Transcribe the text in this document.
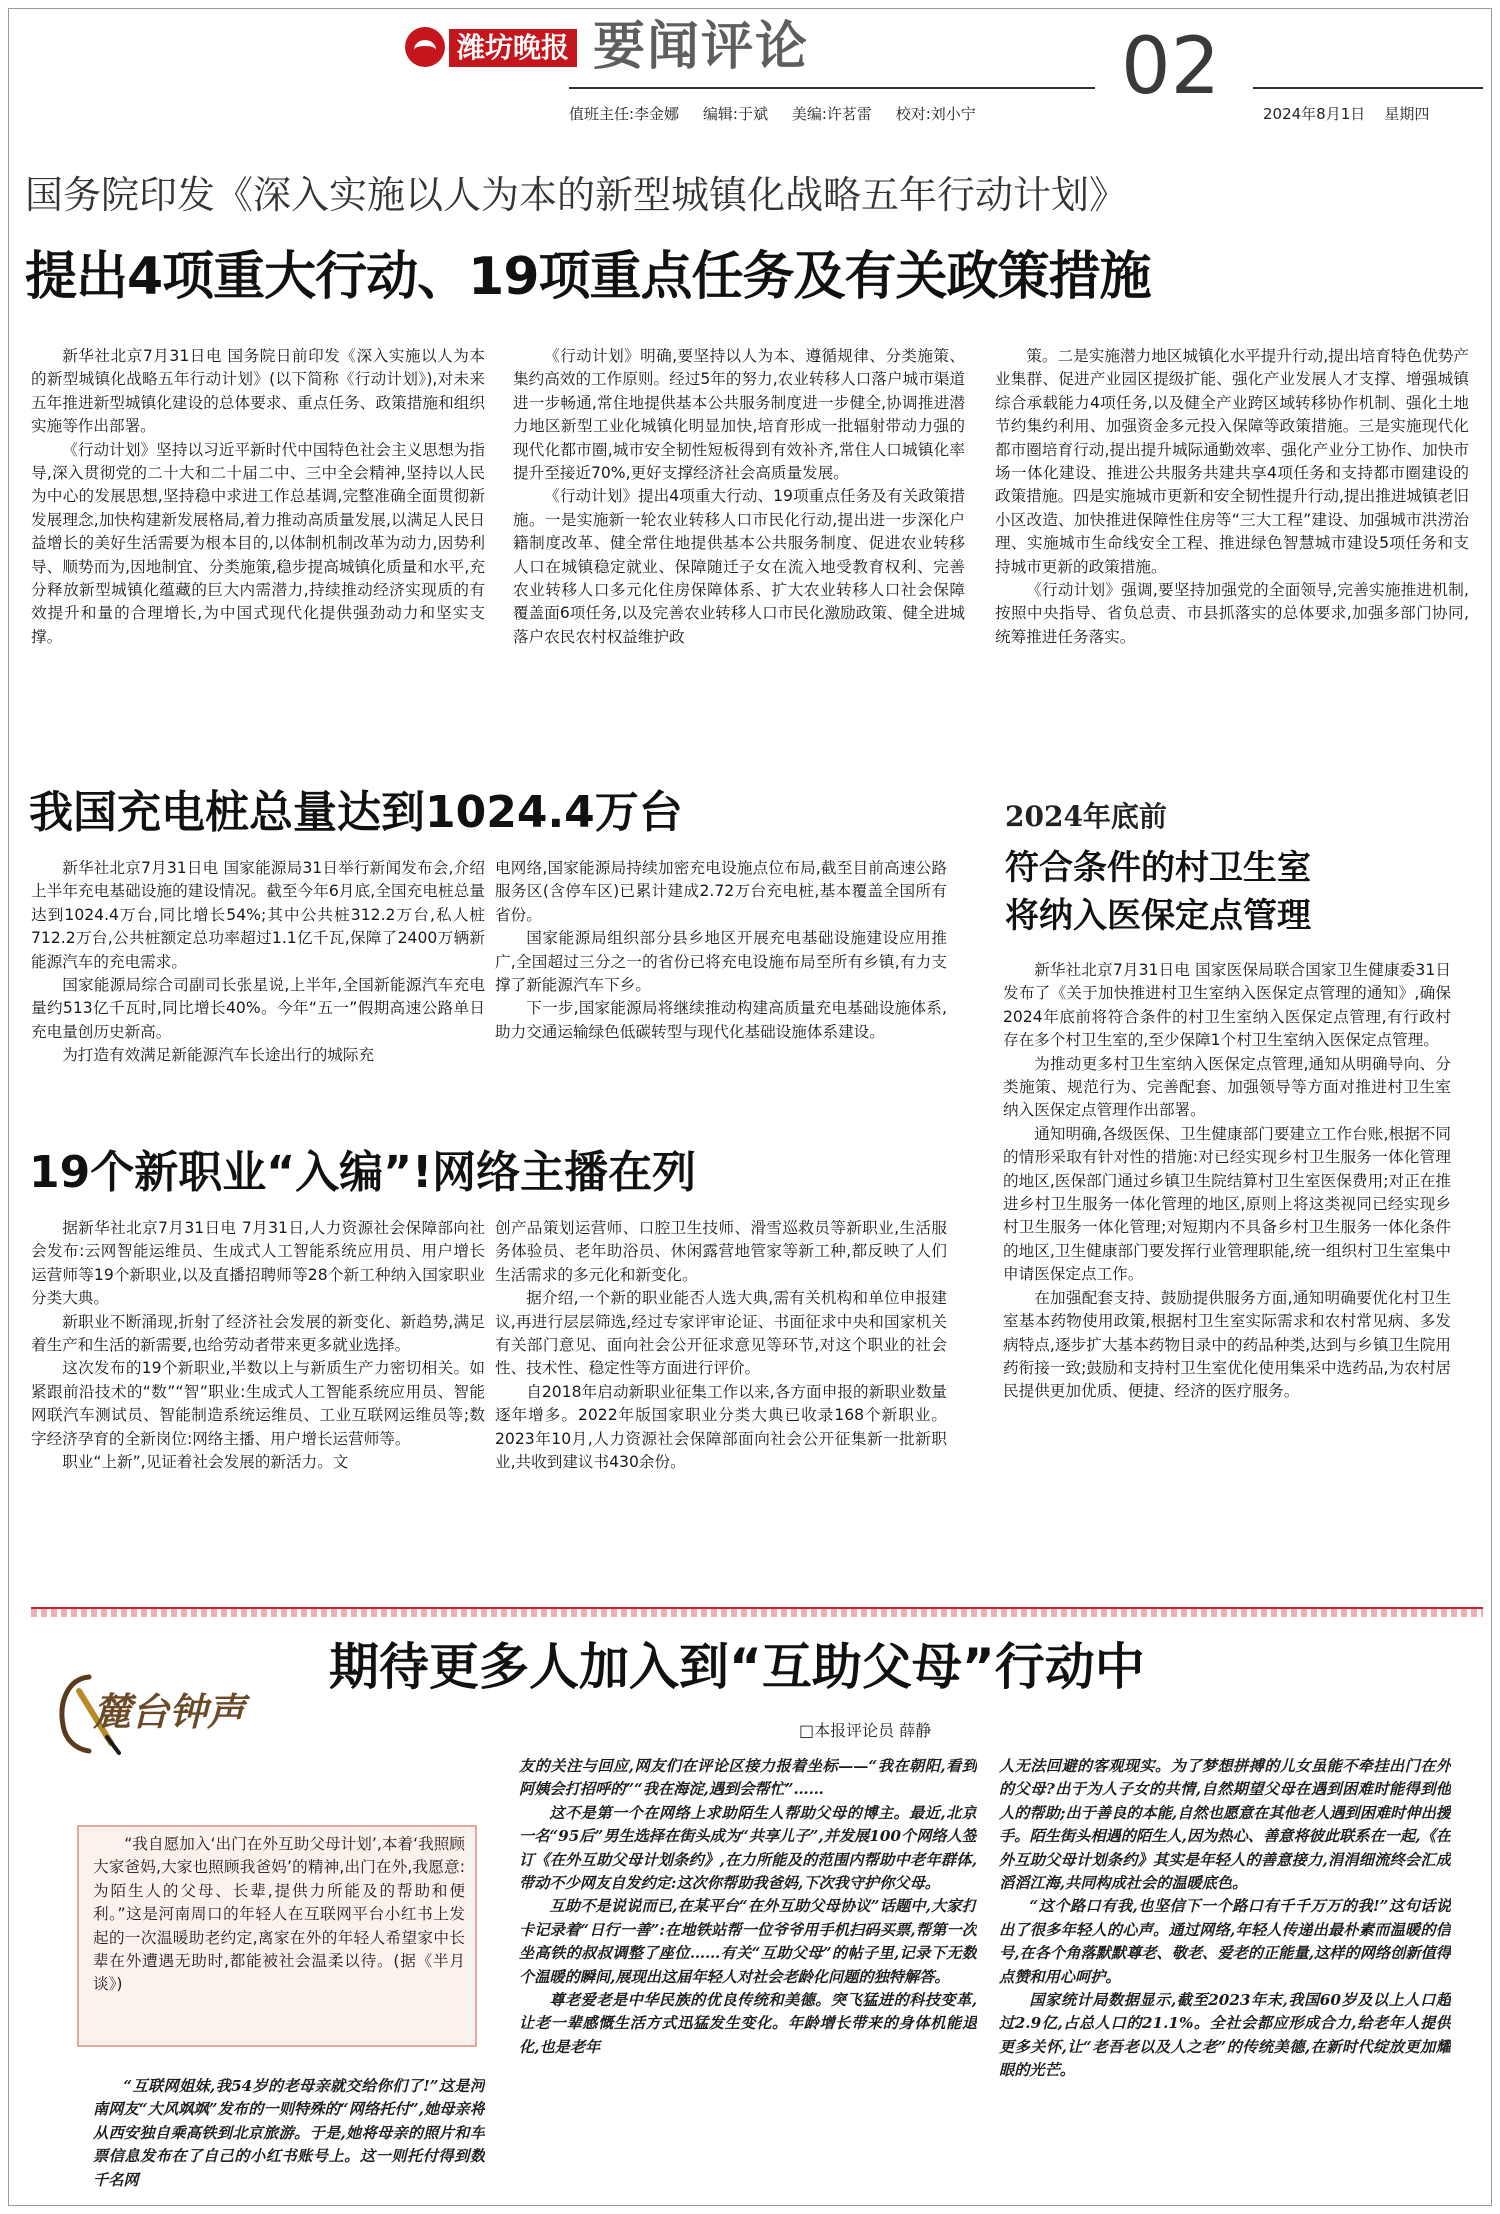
潍坊晚报 要闻评论	02
值班主任:李金娜 编辑:于斌 美编:许茗雷 校对:刘小宁	2024年8月1日 星期四
国务院印发《深入实施以人为本的新型城镇化战略五年行动计划》
提出4项重大行动、19项重点任务及有关政策措施

新华社北京7月31日电 国务院日前印发《深入实施以人为本的新型城镇化战略五年行动计划》(以下简称《行动计划》),对未来五年推进新型城镇化建设的总体要求、重点任务、政策措施和组织实施等作出部署。

《行动计划》坚持以习近平新时代中国特色社会主义思想为指导,深入贯彻党的二十大和二十届二中、三中全会精神,坚持以人民为中心的发展思想,坚持稳中求进工作总基调,完整准确全面贯彻新发展理念,加快构建新发展格局,着力推动高质量发展,以满足人民日益增长的美好生活需要为根本目的,以体制机制改革为动力,因势利导、顺势而为,因地制宜、分类施策,稳步提高城镇化质量和水平,充分释放新型城镇化蕴藏的巨大内需潜力,持续推动经济实现质的有效提升和量的合理增长,为中国式现代化提供强劲动力和坚实支撑。

《行动计划》明确,要坚持以人为本、遵循规律、分类施策、集约高效的工作原则。经过5年的努力,农业转移人口落户城市渠道进一步畅通,常住地提供基本公共服务制度进一步健全,协调推进潜力地区新型工业化城镇化明显加快,培育形成一批辐射带动力强的现代化都市圈,城市安全韧性短板得到有效补齐,常住人口城镇化率提升至接近70%,更好支撑经济社会高质量发展。

《行动计划》提出4项重大行动、19项重点任务及有关政策措施。一是实施新一轮农业转移人口市民化行动,提出进一步深化户籍制度改革、健全常住地提供基本公共服务制度、促进农业转移人口在城镇稳定就业、保障随迁子女在流入地受教育权利、完善农业转移人口多元化住房保障体系、扩大农业转移人口社会保障覆盖面6项任务,以及完善农业转移人口市民化激励政策、健全进城落户农民农村权益维护政

策。二是实施潜力地区城镇化水平提升行动,提出培育特色优势产业集群、促进产业园区提级扩能、强化产业发展人才支撑、增强城镇综合承载能力4项任务,以及健全产业跨区域转移协作机制、强化土地节约集约利用、加强资金多元投入保障等政策措施。三是实施现代化都市圈培育行动,提出提升城际通勤效率、强化产业分工协作、加快市场一体化建设、推进公共服务共建共享4项任务和支持都市圈建设的政策措施。四是实施城市更新和安全韧性提升行动,提出推进城镇老旧小区改造、加快推进保障性住房等“三大工程”建设、加强城市洪涝治理、实施城市生命线安全工程、推进绿色智慧城市建设5项任务和支持城市更新的政策措施。

《行动计划》强调,要坚持加强党的全面领导,完善实施推进机制,按照中央指导、省负总责、市县抓落实的总体要求,加强多部门协同,统筹推进任务落实。

我国充电桩总量达到1024.4万台

新华社北京7月31日电 国家能源局31日举行新闻发布会,介绍上半年充电基础设施的建设情况。截至今年6月底,全国充电桩总量达到1024.4万台,同比增长54%;其中公共桩312.2万台,私人桩712.2万台,公共桩额定总功率超过1.1亿千瓦,保障了2400万辆新能源汽车的充电需求。

国家能源局综合司副司长张星说,上半年,全国新能源汽车充电量约513亿千瓦时,同比增长40%。今年“五一”假期高速公路单日充电量创历史新高。

为打造有效满足新能源汽车长途出行的城际充

电网络,国家能源局持续加密充电设施点位布局,截至目前高速公路服务区(含停车区)已累计建成2.72万台充电桩,基本覆盖全国所有省份。

国家能源局组织部分县乡地区开展充电基础设施建设应用推广,全国超过三分之一的省份已将充电设施布局至所有乡镇,有力支撑了新能源汽车下乡。

下一步,国家能源局将继续推动构建高质量充电基础设施体系,助力交通运输绿色低碳转型与现代化基础设施体系建设。

19个新职业“入编”!网络主播在列

据新华社北京7月31日电 7月31日,人力资源社会保障部向社会发布:云网智能运维员、生成式人工智能系统应用员、用户增长运营师等19个新职业,以及直播招聘师等28个新工种纳入国家职业分类大典。

新职业不断涌现,折射了经济社会发展的新变化、新趋势,满足着生产和生活的新需要,也给劳动者带来更多就业选择。

这次发布的19个新职业,半数以上与新质生产力密切相关。如紧跟前沿技术的“数”“智”职业:生成式人工智能系统应用员、智能网联汽车测试员、智能制造系统运维员、工业互联网运维员等;数字经济孕育的全新岗位:网络主播、用户增长运营师等。

职业“上新”,见证着社会发展的新活力。文

创产品策划运营师、口腔卫生技师、滑雪巡救员等新职业,生活服务体验员、老年助浴员、休闲露营地管家等新工种,都反映了人们生活需求的多元化和新变化。

据介绍,一个新的职业能否人选大典,需有关机构和单位申报建议,再进行层层筛选,经过专家评审论证、书面征求中央和国家机关有关部门意见、面向社会公开征求意见等环节,对这个职业的社会性、技术性、稳定性等方面进行评价。

自2018年启动新职业征集工作以来,各方面申报的新职业数量逐年增多。2022年版国家职业分类大典已收录168个新职业。2023年10月,人力资源社会保障部面向社会公开征集新一批新职业,共收到建议书430余份。

2024年底前
符合条件的村卫生室
将纳入医保定点管理

新华社北京7月31日电 国家医保局联合国家卫生健康委31日发布了《关于加快推进村卫生室纳入医保定点管理的通知》,确保2024年底前将符合条件的村卫生室纳入医保定点管理,有行政村存在多个村卫生室的,至少保障1个村卫生室纳入医保定点管理。

为推动更多村卫生室纳入医保定点管理,通知从明确导向、分类施策、规范行为、完善配套、加强领导等方面对推进村卫生室纳入医保定点管理作出部署。

通知明确,各级医保、卫生健康部门要建立工作台账,根据不同的情形采取有针对性的措施:对已经实现乡村卫生服务一体化管理的地区,医保部门通过乡镇卫生院结算村卫生室医保费用;对正在推进乡村卫生服务一体化管理的地区,原则上将这类视同已经实现乡村卫生服务一体化管理;对短期内不具备乡村卫生服务一体化条件的地区,卫生健康部门要发挥行业管理职能,统一组织村卫生室集中申请医保定点工作。

在加强配套支持、鼓励提供服务方面,通知明确要优化村卫生室基本药物使用政策,根据村卫生室实际需求和农村常见病、多发病特点,逐步扩大基本药物目录中的药品种类,达到与乡镇卫生院用药衔接一致;鼓励和支持村卫生室优化使用集采中选药品,为农村居民提供更加优质、便捷、经济的医疗服务。

麓台钟声
期待更多人加入到“互助父母”行动中
□本报评论员 薛静
“我自愿加入‘出门在外互助父母计划’,本着‘我照顾大家爸妈,大家也照顾我爸妈’的精神,出门在外,我愿意:为陌生人的父母、长辈,提供力所能及的帮助和便利。”这是河南周口的年轻人在互联网平台小红书上发起的一次温暖助老约定,离家在外的年轻人希望家中长辈在外遭遇无助时,都能被社会温柔以待。(据《半月谈》)

“互联网姐妹,我54岁的老母亲就交给你们了!”这是河南网友“大风飒飒”发布的一则特殊的“网络托付”,她母亲将从西安独自乘高铁到北京旅游。于是,她将母亲的照片和车票信息发布在了自己的小红书账号上。这一则托付得到数千名网

友的关注与回应,网友们在评论区接力报着坐标——“我在朝阳,看到阿姨会打招呼的”“我在海淀,遇到会帮忙”……

这不是第一个在网络上求助陌生人帮助父母的博主。最近,北京一名“95后”男生选择在街头成为“共享儿子”,并发展100个网络人签订《在外互助父母计划条约》,在力所能及的范围内帮助中老年群体,带动不少网友自发约定:这次你帮助我爸妈,下次我守护你父母。

互助不是说说而已,在某平台“在外互助父母协议”话题中,大家打卡记录着“日行一善”:在地铁站帮一位爷爷用手机扫码买票,帮第一次坐高铁的叔叔调整了座位……有关“互助父母”的帖子里,记录下无数个温暖的瞬间,展现出这届年轻人对社会老龄化问题的独特解答。

尊老爱老是中华民族的优良传统和美德。突飞猛进的科技变革,让老一辈感慨生活方式迅猛发生变化。年龄增长带来的身体机能退化,也是老年

人无法回避的客观现实。为了梦想拼搏的儿女虽能不牵挂出门在外的父母?出于为人子女的共情,自然期望父母在遇到困难时能得到他人的帮助;出于善良的本能,自然也愿意在其他老人遇到困难时伸出援手。陌生街头相遇的陌生人,因为热心、善意将彼此联系在一起,《在外互助父母计划条约》其实是年轻人的善意接力,涓涓细流终会汇成滔滔江海,共同构成社会的温暖底色。

“这个路口有我,也坚信下一个路口有千千万万的我!”这句话说出了很多年轻人的心声。通过网络,年轻人传递出最朴素而温暖的信号,在各个角落默默尊老、敬老、爱老的正能量,这样的网络创新值得点赞和用心呵护。

国家统计局数据显示,截至2023年末,我国60岁及以上人口超过2.9亿,占总人口的21.1%。全社会都应形成合力,给老年人提供更多关怀,让“老吾老以及人之老”的传统美德,在新时代绽放更加耀眼的光芒。
